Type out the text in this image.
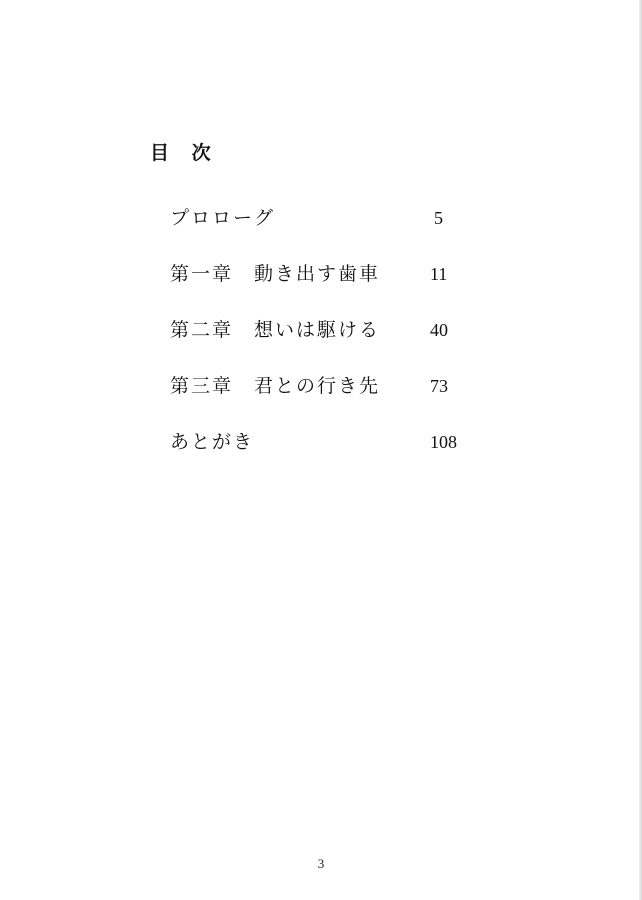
目 次
プロローグ	5
第一章　動き出す歯車	11
第二章　想いは駆ける	40
第三章　君との行き先	73
あとがき	108
3
